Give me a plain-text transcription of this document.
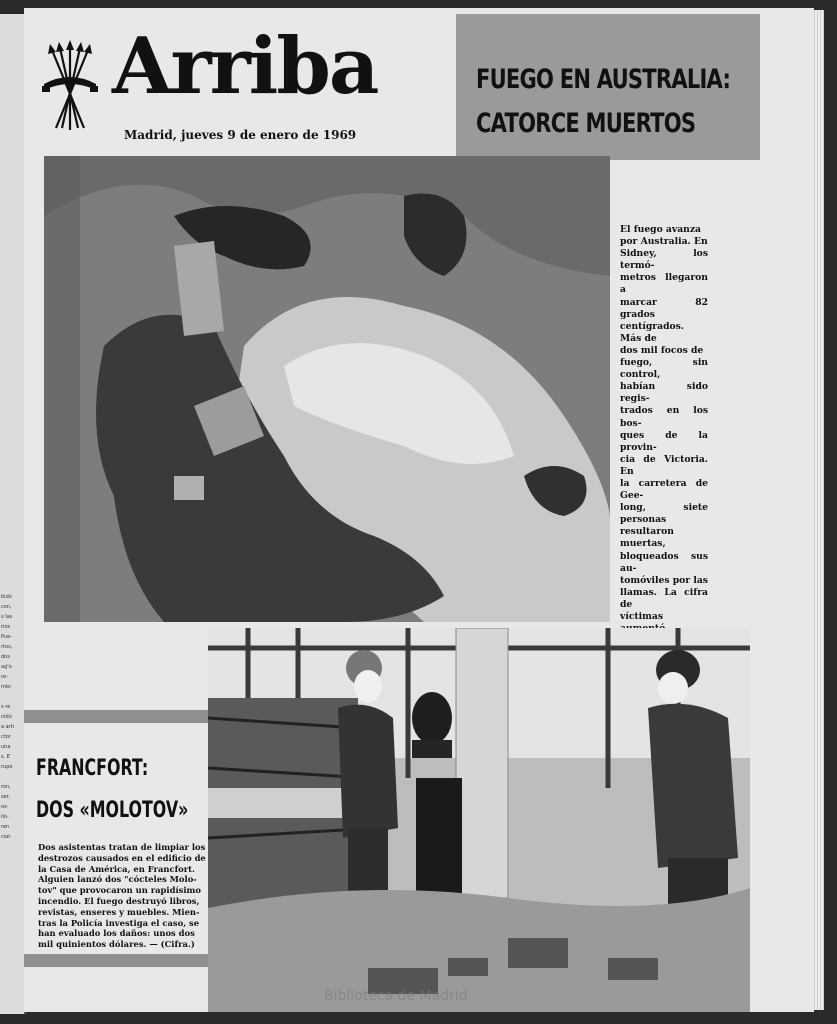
bido
con,
s las
rios
Pue-
rtos,
dos
ag'o
re-
mlo-
s re
nido
a arti
ctor
una
s. E
rupo
ron,
ser,
os-
ilo-
ren
cial-
Arriba
Madrid, jueves 9 de enero de 1969
FUEGO EN AUSTRALIA:
CATORCE MUERTOS
El fuego avanza
por Australia. En
Sidney, los termó-
metros llegaron a
marcar 82 grados
centígrados. Más de
dos mil focos de
fuego, sin control,
habían sido regis-
trados en los bos-
ques de la provin-
cia de Victoria. En
la carretera de Gee-
long, siete personas
resultaron muertas,
bloqueados sus au-
tomóviles por las
llamas. La cifra de
víctimas
FRANCFORT:
DOS «MOLOTOV»
Dos asistentas tratan de limpiar los
destrozos causados en el edificio de
la Casa de América, en Francfort.
Alguien lanzó dos "cócteles Molo-
tov" que provocaron un rapidísimo
incendio. El fuego destruyó libros,
revistas, enseres y muebles. Mien-
tras la Policía investiga el caso, se
han evaluado los daños: unos dos
mil quinientos dólares. — (Cifra.)
Biblioteca de Madrid
